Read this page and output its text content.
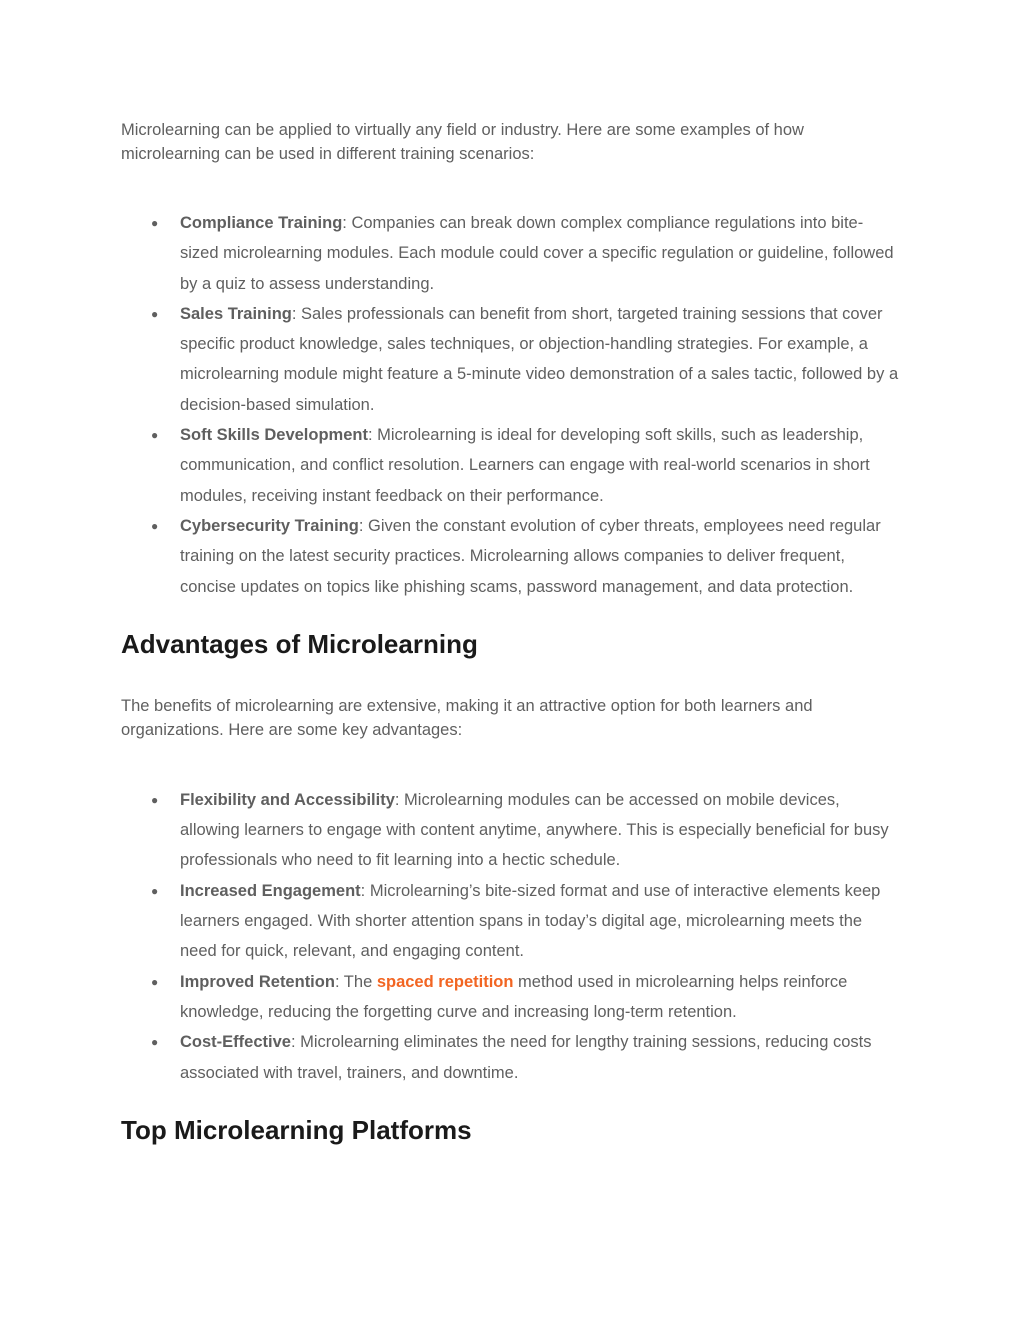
Microlearning can be applied to virtually any field or industry. Here are some examples of how microlearning can be used in different training scenarios:

● Compliance Training: Companies can break down complex compliance regulations into bite-sized microlearning modules. Each module could cover a specific regulation or guideline, followed by a quiz to assess understanding.
● Sales Training: Sales professionals can benefit from short, targeted training sessions that cover specific product knowledge, sales techniques, or objection-handling strategies. For example, a microlearning module might feature a 5-minute video demonstration of a sales tactic, followed by a decision-based simulation.
● Soft Skills Development: Microlearning is ideal for developing soft skills, such as leadership, communication, and conflict resolution. Learners can engage with real-world scenarios in short modules, receiving instant feedback on their performance.
● Cybersecurity Training: Given the constant evolution of cyber threats, employees need regular training on the latest security practices. Microlearning allows companies to deliver frequent, concise updates on topics like phishing scams, password management, and data protection.
Advantages of Microlearning

The benefits of microlearning are extensive, making it an attractive option for both learners and organizations. Here are some key advantages:

● Flexibility and Accessibility: Microlearning modules can be accessed on mobile devices, allowing learners to engage with content anytime, anywhere. This is especially beneficial for busy professionals who need to fit learning into a hectic schedule.
● Increased Engagement: Microlearning’s bite-sized format and use of interactive elements keep learners engaged. With shorter attention spans in today’s digital age, microlearning meets the need for quick, relevant, and engaging content.
● Improved Retention: The spaced repetition method used in microlearning helps reinforce knowledge, reducing the forgetting curve and increasing long-term retention.
● Cost-Effective: Microlearning eliminates the need for lengthy training sessions, reducing costs associated with travel, trainers, and downtime.
Top Microlearning Platforms
